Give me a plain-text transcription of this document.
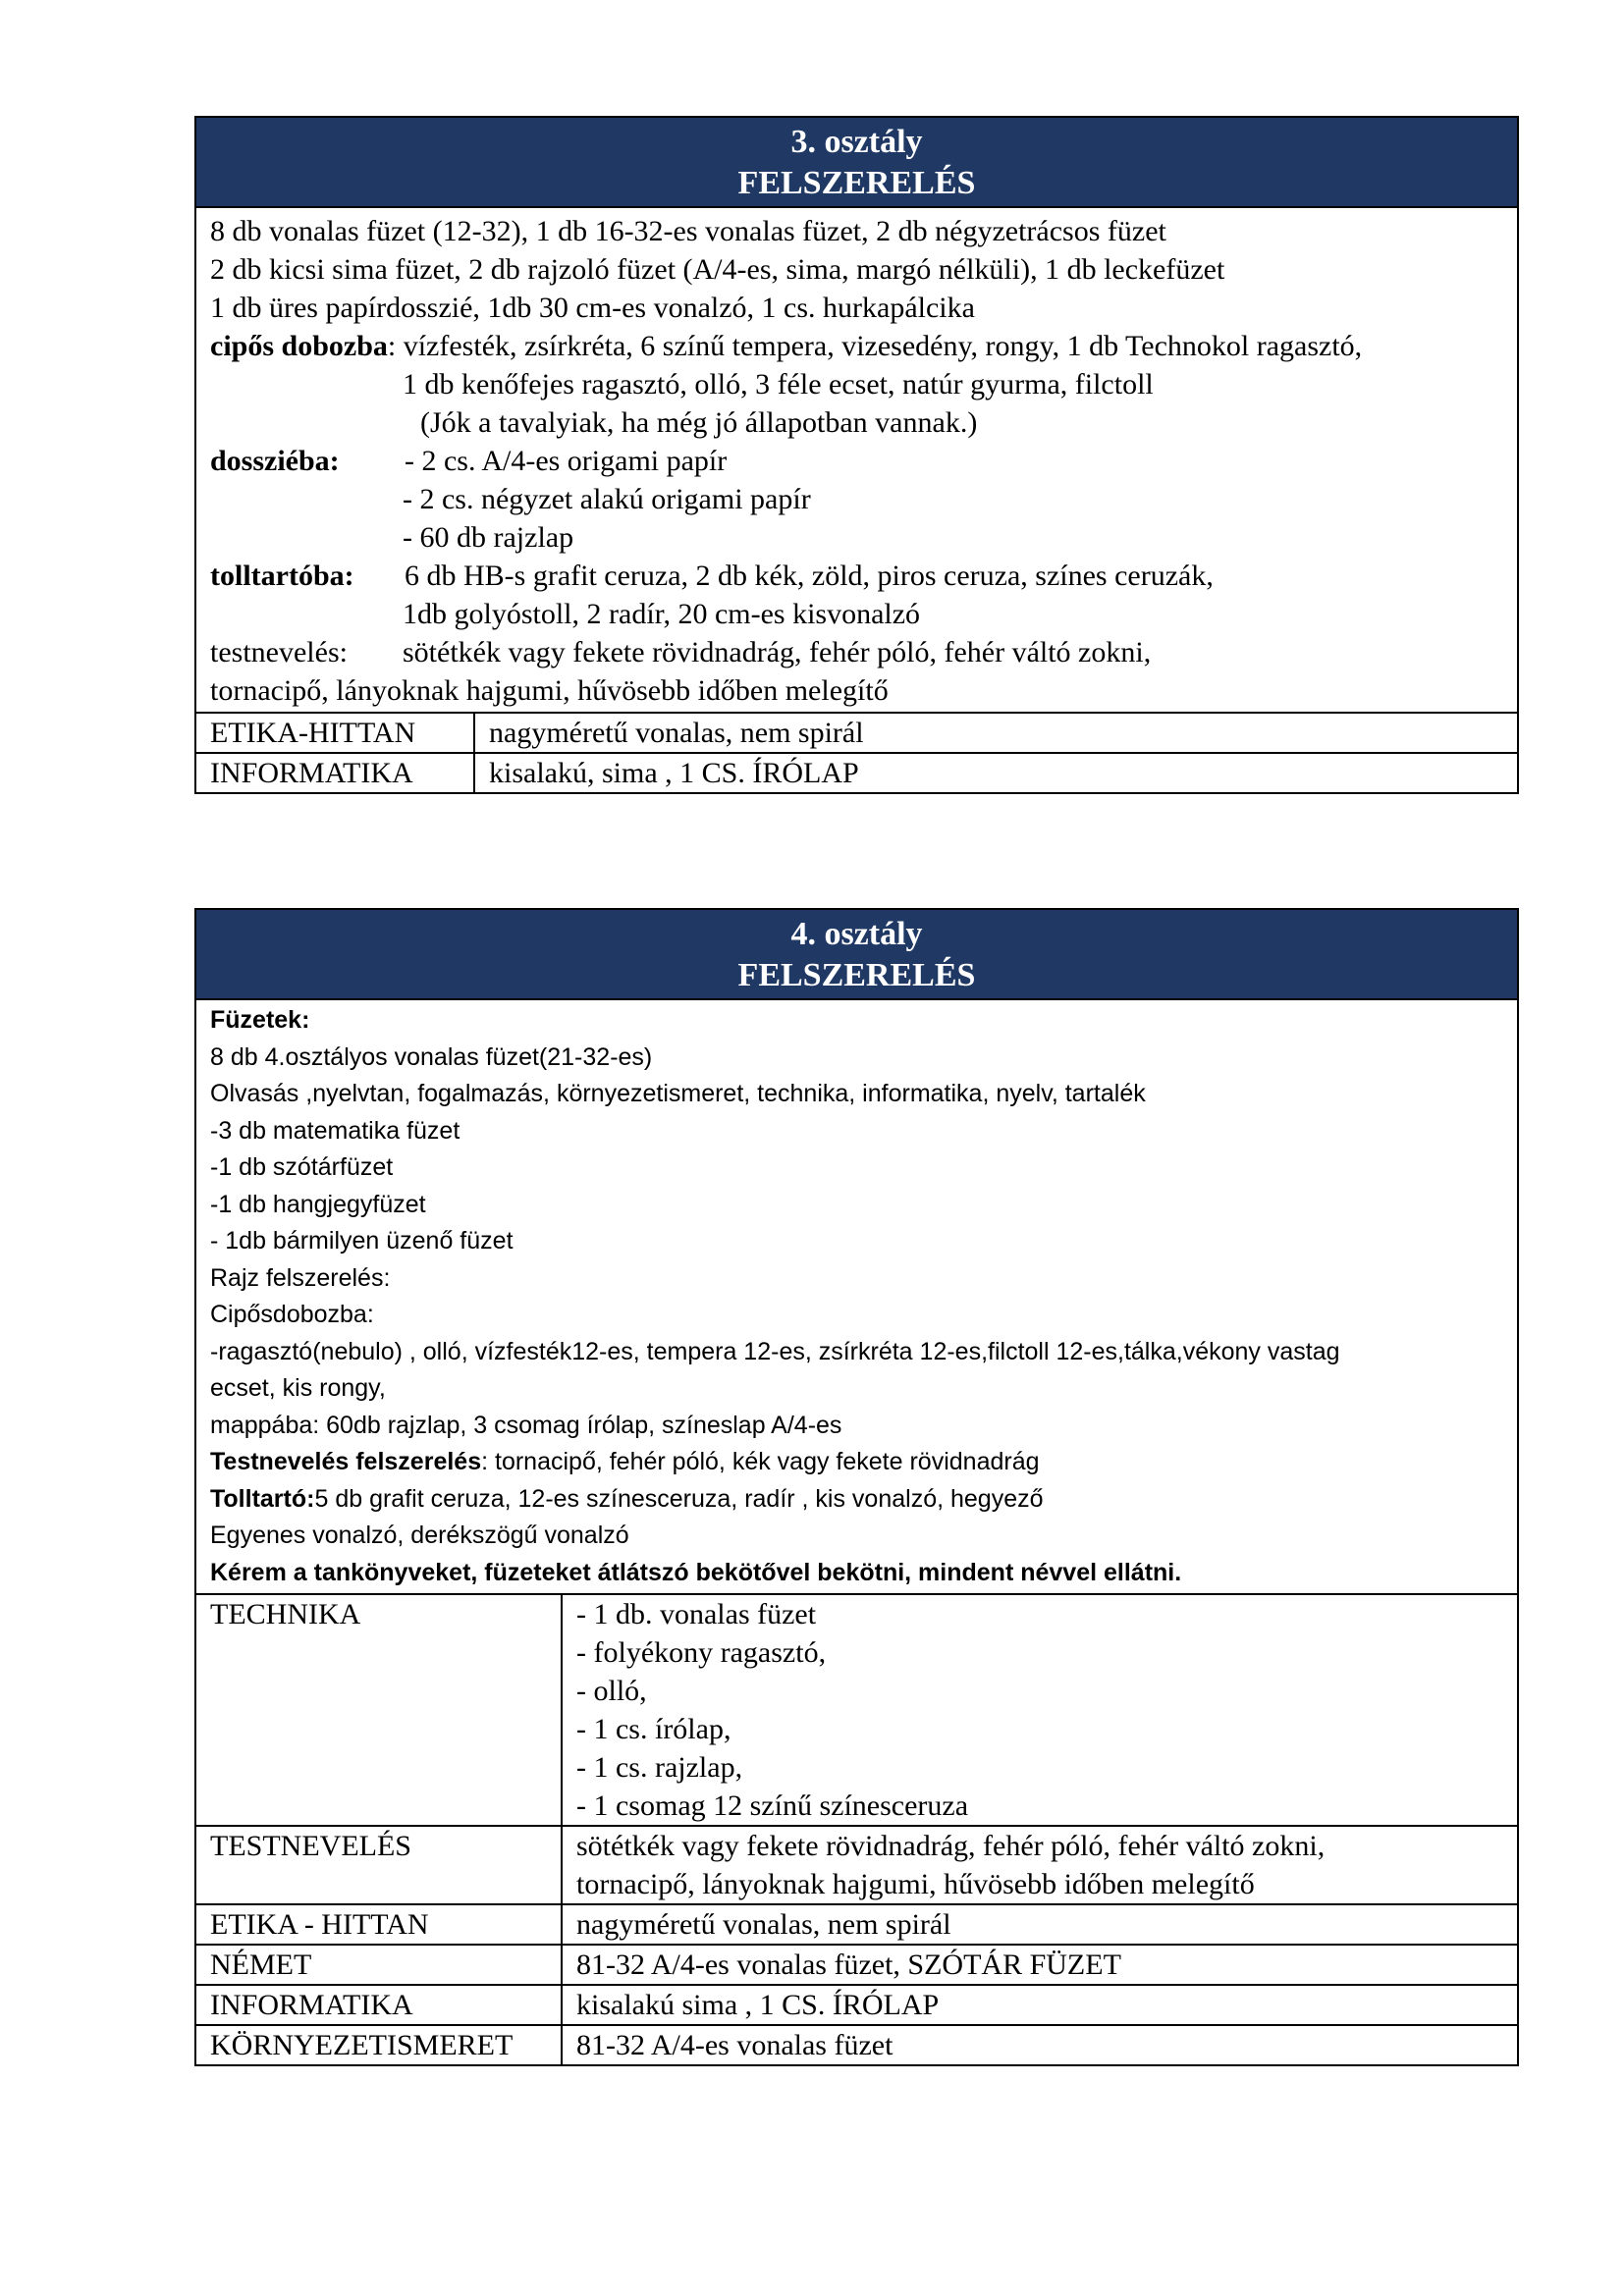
3. osztály
FELSZERELÉS
8 db vonalas füzet (12-32), 1 db 16-32-es vonalas füzet, 2 db négyzetrácsos füzet
2 db kicsi sima füzet, 2 db rajzoló füzet (A/4-es, sima, margó nélküli), 1 db leckefüzet
1 db üres papírdosszié, 1db 30 cm-es vonalzó, 1 cs. hurkapálcika
cipős dobozba : vízfesték, zsírkréta, 6 színű tempera, vizesedény, rongy, 1 db Technokol ragasztó,
1 db kenőfejes ragasztó, olló, 3 féle ecset, natúr gyurma, filctoll
(Jók a tavalyiak, ha még jó állapotban vannak.)
dossziéba:	- 2 cs. A/4-es origami papír
- 2 cs. négyzet alakú origami papír
- 60 db rajzlap
tolltartóba:	6 db HB-s grafit ceruza, 2 db kék, zöld, piros ceruza, színes ceruzák,
1db golyóstoll, 2 radír, 20 cm-es kisvonalzó
testnevelés:	sötétkék vagy fekete rövidnadrág, fehér póló, fehér váltó zokni,
tornacipő, lányoknak hajgumi, hűvösebb időben melegítő
ETIKA-HITTAN	nagyméretű vonalas, nem spirál
INFORMATIKA	kisalakú, sima , 1 CS. ÍRÓLAP
4. osztály
FELSZERELÉS
Füzetek:
8 db 4.osztályos vonalas füzet(21-32-es)
Olvasás ,nyelvtan, fogalmazás, környezetismeret, technika, informatika, nyelv, tartalék
-3 db matematika füzet
-1 db szótárfüzet
-1 db hangjegyfüzet
- 1db bármilyen üzenő füzet
Rajz felszerelés:
Cipősdobozba:
-ragasztó(nebulo) , olló, vízfesték12-es, tempera 12-es, zsírkréta 12-es,filctoll 12-es,tálka,vékony vastag
ecset, kis rongy,
mappába: 60db rajzlap, 3 csomag írólap, színeslap A/4-es
Testnevelés felszerelés : tornacipő, fehér póló, kék vagy fekete rövidnadrág
Tolltartó: 5 db grafit ceruza, 12-es színesceruza, radír , kis vonalzó, hegyező
Egyenes vonalzó, derékszögű vonalzó
Kérem a tankönyveket, füzeteket átlátszó bekötővel bekötni, mindent névvel ellátni.
TECHNIKA	- 1 db. vonalas füzet
- folyékony ragasztó,
- olló,
- 1 cs. írólap,
- 1 cs. rajzlap,
- 1 csomag 12 színű színesceruza
TESTNEVELÉS	sötétkék vagy fekete rövidnadrág, fehér póló, fehér váltó zokni,
tornacipő, lányoknak hajgumi, hűvösebb időben melegítő
ETIKA - HITTAN	nagyméretű vonalas, nem spirál
NÉMET	81-32 A/4-es vonalas füzet, SZÓTÁR FÜZET
INFORMATIKA	kisalakú sima , 1 CS. ÍRÓLAP
KÖRNYEZETISMERET	81-32 A/4-es vonalas füzet
